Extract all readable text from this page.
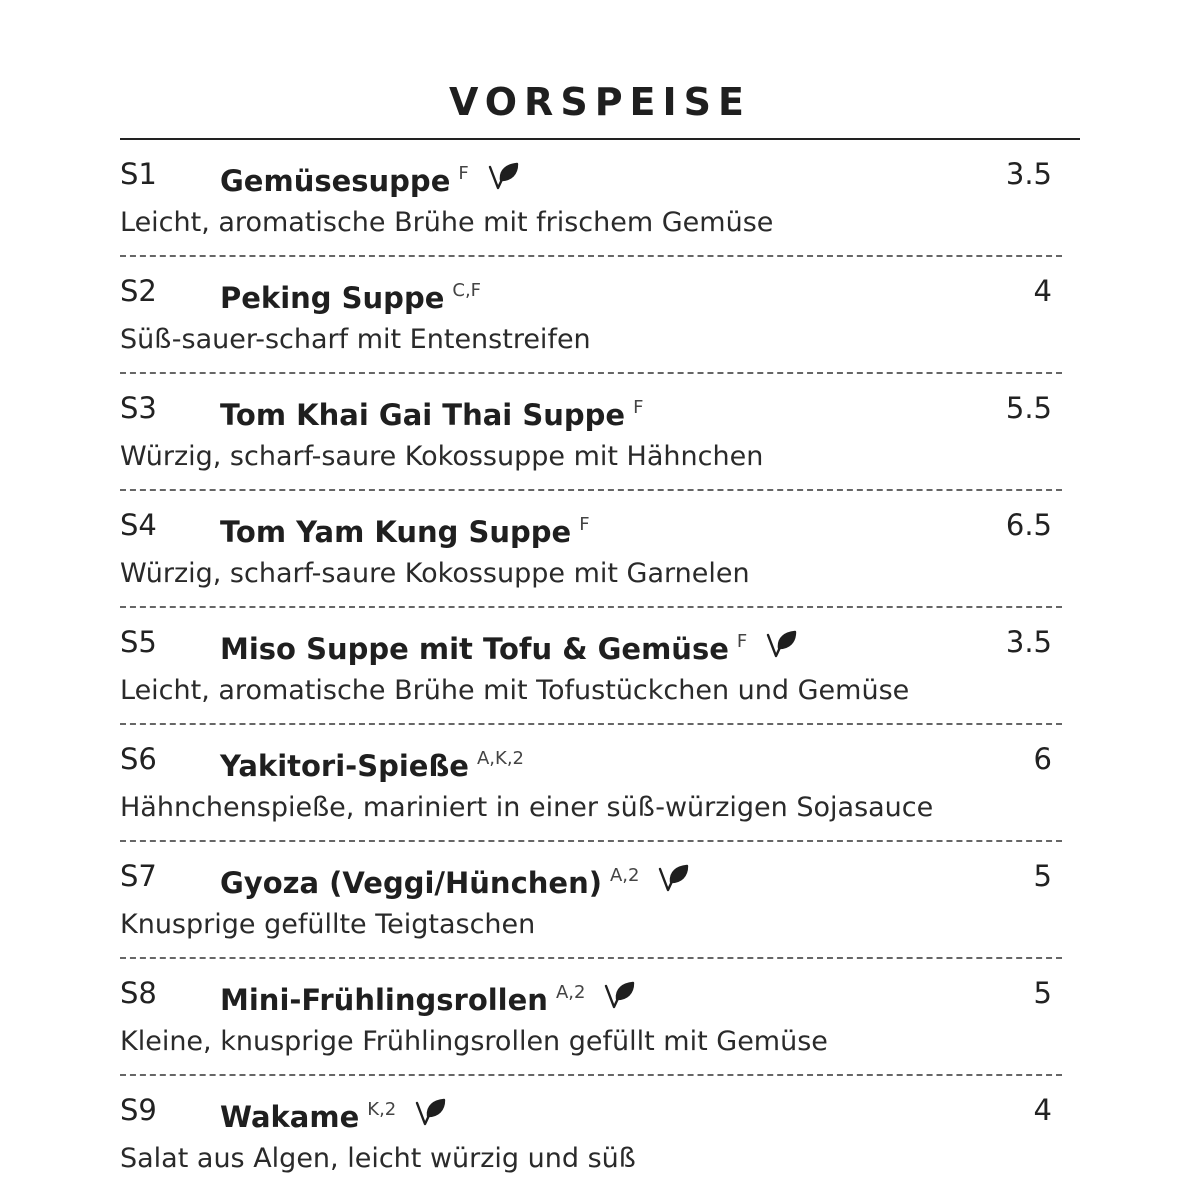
VORSPEISE
S1 Gemüsesuppe $^F$	3.5
Leicht, aromatische Brühe mit frischem Gemüse
S2 Peking Suppe $^{C,F}$	4
Süß-sauer-scharf mit Entenstreifen
S3 Tom Khai Gai Thai Suppe $^F$	5.5
Würzig, scharf-saure Kokossuppe mit Hähnchen
S4 Tom Yam Kung Suppe $^F$	6.5
Würzig, scharf-saure Kokossuppe mit Garnelen
S5 Miso Suppe mit Tofu & Gemüse $^F$	3.5
Leicht, aromatische Brühe mit Tofustückchen und Gemüse
S6 Yakitori-Spieße $^{A,K,2}$	6
Hähnchenspieße, mariniert in einer süß-würzigen Sojasauce
S7 Gyoza (Veggi/Hünchen) $^{A,2}$	5
Knusprige gefüllte Teigtaschen
S8 Mini-Frühlingsrollen $^{A,2}$	5
Kleine, knusprige Frühlingsrollen gefüllt mit Gemüse
S9 Wakame $^{K,2}$	4
Salat aus Algen, leicht würzig und süß
